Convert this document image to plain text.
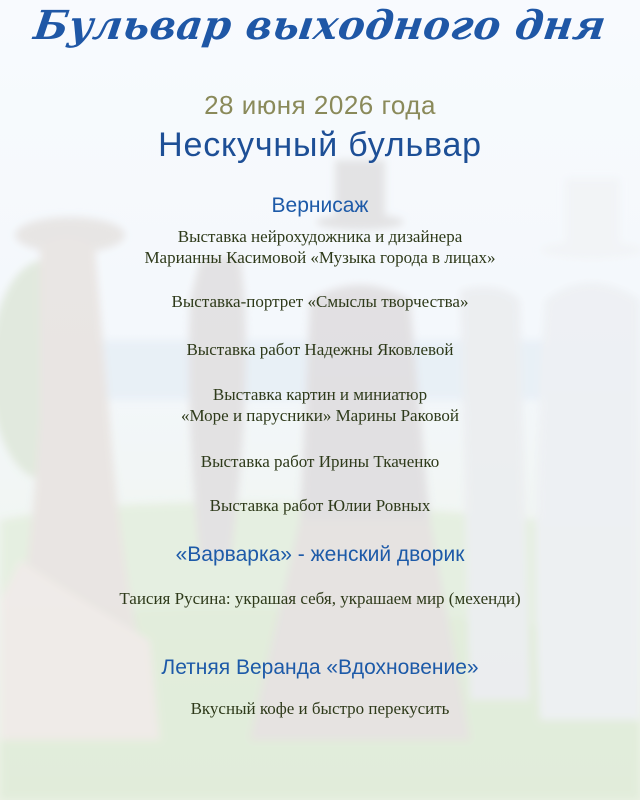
Бульвар выходного дня
28 июня 2026 года
Нескучный бульвар
Вернисаж
Выставка нейрохудожника и дизайнера
Марианны Касимовой «Музыка города в лицах»
Выставка-портрет «Смыслы творчества»
Выставка работ Надежны Яковлевой
Выставка картин и миниатюр
«Море и парусники» Марины Раковой
Выставка работ Ирины Ткаченко
Выставка работ Юлии Ровных
«Варварка» - женский дворик
Таисия Русина: украшая себя, украшаем мир (мехенди)
Летняя Веранда «Вдохновение»
Вкусный кофе и быстро перекусить
